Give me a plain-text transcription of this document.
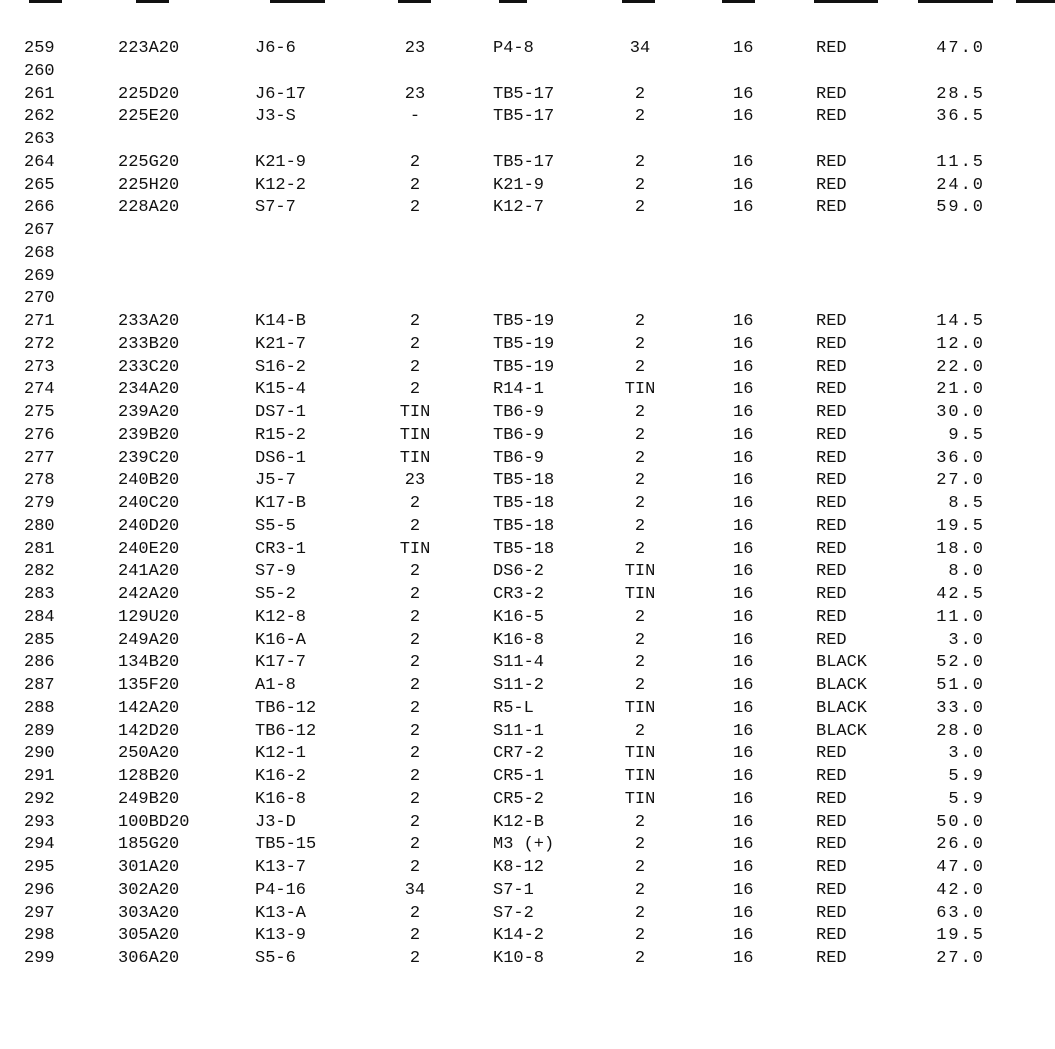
259	223A20	J6-6	23	P4-8	34	16	RED	47.0
260
261	225D20	J6-17	23	TB5-17	2	16	RED	28.5
262	225E20	J3-S	-	TB5-17	2	16	RED	36.5
263
264	225G20	K21-9	2	TB5-17	2	16	RED	11.5
265	225H20	K12-2	2	K21-9	2	16	RED	24.0
266	228A20	S7-7	2	K12-7	2	16	RED	59.0
267
268
269
270
271	233A20	K14-B	2	TB5-19	2	16	RED	14.5
272	233B20	K21-7	2	TB5-19	2	16	RED	12.0
273	233C20	S16-2	2	TB5-19	2	16	RED	22.0
274	234A20	K15-4	2	R14-1	TIN	16	RED	21.0
275	239A20	DS7-1	TIN	TB6-9	2	16	RED	30.0
276	239B20	R15-2	TIN	TB6-9	2	16	RED	9.5
277	239C20	DS6-1	TIN	TB6-9	2	16	RED	36.0
278	240B20	J5-7	23	TB5-18	2	16	RED	27.0
279	240C20	K17-B	2	TB5-18	2	16	RED	8.5
280	240D20	S5-5	2	TB5-18	2	16	RED	19.5
281	240E20	CR3-1	TIN	TB5-18	2	16	RED	18.0
282	241A20	S7-9	2	DS6-2	TIN	16	RED	8.0
283	242A20	S5-2	2	CR3-2	TIN	16	RED	42.5
284	129U20	K12-8	2	K16-5	2	16	RED	11.0
285	249A20	K16-A	2	K16-8	2	16	RED	3.0
286	134B20	K17-7	2	S11-4	2	16	BLACK	52.0
287	135F20	A1-8	2	S11-2	2	16	BLACK	51.0
288	142A20	TB6-12	2	R5-L	TIN	16	BLACK	33.0
289	142D20	TB6-12	2	S11-1	2	16	BLACK	28.0
290	250A20	K12-1	2	CR7-2	TIN	16	RED	3.0
291	128B20	K16-2	2	CR5-1	TIN	16	RED	5.9
292	249B20	K16-8	2	CR5-2	TIN	16	RED	5.9
293	100BD20	J3-D	2	K12-B	2	16	RED	50.0
294	185G20	TB5-15	2	M3 (+)	2	16	RED	26.0
295	301A20	K13-7	2	K8-12	2	16	RED	47.0
296	302A20	P4-16	34	S7-1	2	16	RED	42.0
297	303A20	K13-A	2	S7-2	2	16	RED	63.0
298	305A20	K13-9	2	K14-2	2	16	RED	19.5
299	306A20	S5-6	2	K10-8	2	16	RED	27.0
